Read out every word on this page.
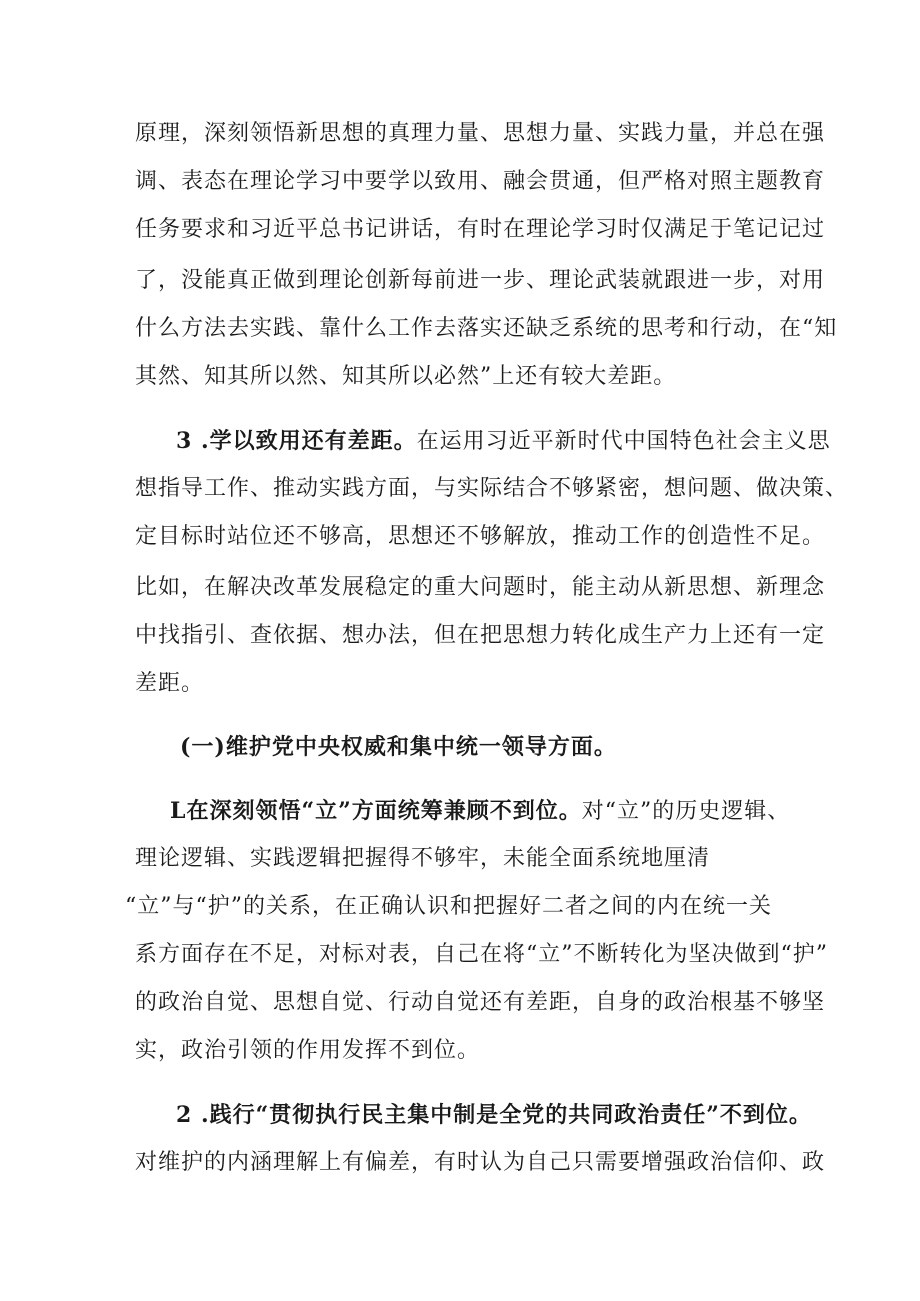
原理，深刻领悟新思想的真理力量、思想力量、实践力量，并总在强
调、表态在理论学习中要学以致用、融会贯通，但严格对照主题教育
任务要求和习近平总书记讲话，有时在理论学习时仅满足于笔记记过
了，没能真正做到理论创新每前进一步、理论武装就跟进一步，对用
什么方法去实践、靠什么工作去落实还缺乏系统的思考和行动，在“知
其然、知其所以然、知其所以必然”上还有较大差距。
3 .学以致用还有差距。在运用习近平新时代中国特色社会主义思
想指导工作、推动实践方面，与实际结合不够紧密，想问题、做决策、
定目标时站位还不够高，思想还不够解放，推动工作的创造性不足。
比如，在解决改革发展稳定的重大问题时，能主动从新思想、新理念
中找指引、查依据、想办法，但在把思想力转化成生产力上还有一定
差距。
(一)维护党中央权威和集中统一领导方面。
L在深刻领悟“立”方面统筹兼顾不到位。对“立”的历史逻辑、
理论逻辑、实践逻辑把握得不够牢，未能全面系统地厘清
“立”与“护”的关系，在正确认识和把握好二者之间的内在统一关
系方面存在不足，对标对表，自己在将“立”不断转化为坚决做到“护”
的政治自觉、思想自觉、行动自觉还有差距，自身的政治根基不够坚
实，政治引领的作用发挥不到位。
2 .践行“贯彻执行民主集中制是全党的共同政治责任”不到位。
对维护的内涵理解上有偏差，有时认为自己只需要增强政治信仰、政
